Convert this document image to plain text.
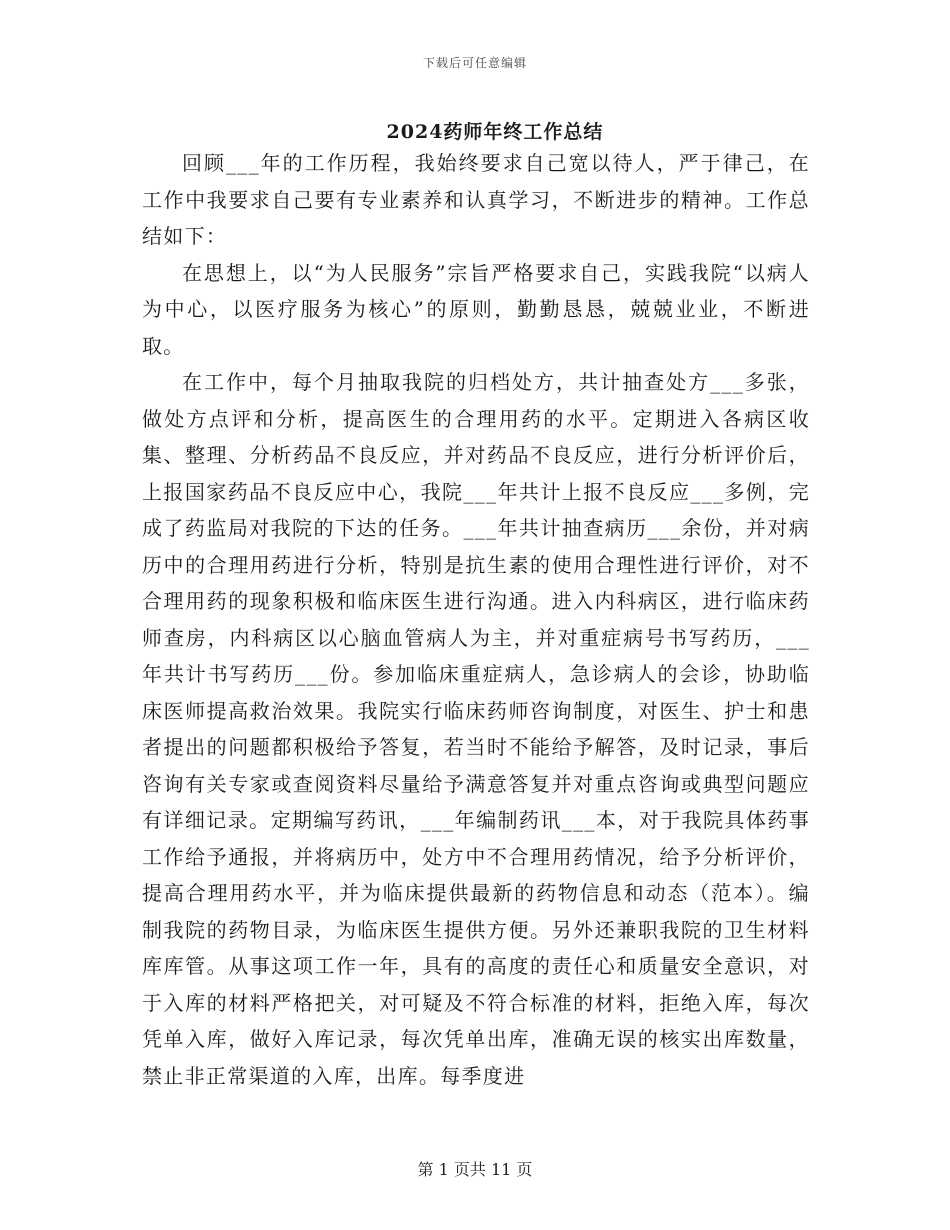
下载后可任意编辑
2024药师年终工作总结

回顾___年的工作历程，我始终要求自己宽以待人，严于律己，在工作中我要求自己要有专业素养和认真学习，不断进步的精神。工作总结如下：

在思想上，以“为人民服务”宗旨严格要求自己，实践我院“以病人为中心，以医疗服务为核心”的原则，勤勤恳恳，兢兢业业，不断进取。

在工作中，每个月抽取我院的归档处方，共计抽查处方___多张，做处方点评和分析，提高医生的合理用药的水平。定期进入各病区收集、整理、分析药品不良反应，并对药品不良反应，进行分析评价后，上报国家药品不良反应中心，我院___年共计上报不良反应___多例，完成了药监局对我院的下达的任务。___年共计抽查病历___余份，并对病历中的合理用药进行分析，特别是抗生素的使用合理性进行评价，对不合理用药的现象积极和临床医生进行沟通。进入内科病区，进行临床药师查房，内科病区以心脑血管病人为主，并对重症病号书写药历，___年共计书写药历___份。参加临床重症病人，急诊病人的会诊，协助临床医师提高救治效果。我院实行临床药师咨询制度，对医生、护士和患者提出的问题都积极给予答复，若当时不能给予解答，及时记录，事后咨询有关专家或查阅资料尽量给予满意答复并对重点咨询或典型问题应有详细记录。定期编写药讯，___年编制药讯___本，对于我院具体药事工作给予通报，并将病历中，处方中不合理用药情况，给予分析评价，提高合理用药水平，并为临床提供最新的药物信息和动态（范本）。编制我院的药物目录，为临床医生提供方便。另外还兼职我院的卫生材料库库管。从事这项工作一年，具有的高度的责任心和质量安全意识，对于入库的材料严格把关，对可疑及不符合标准的材料，拒绝入库，每次凭单入库，做好入库记录，每次凭单出库，准确无误的核实出库数量，禁止非正常渠道的入库，出库。每季度进

第 1 页共 11 页
